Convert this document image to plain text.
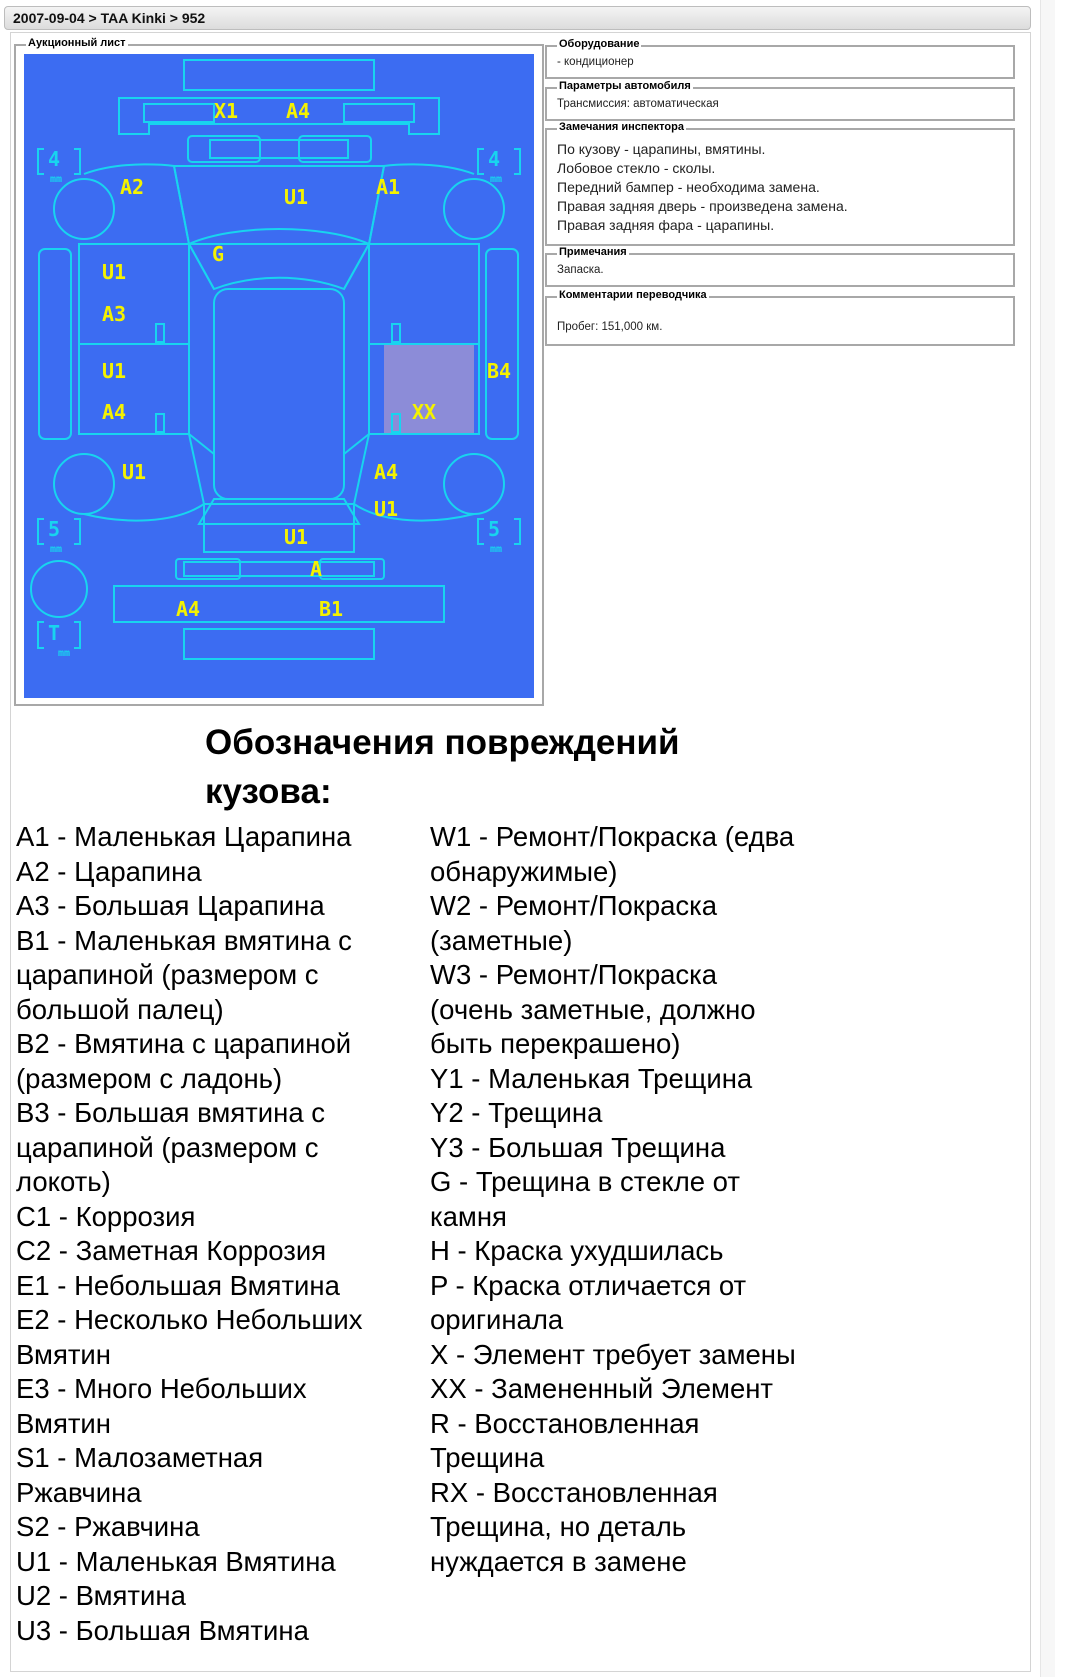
2007-09-04 > TAA Kinki > 952
Аукционный лист
X1 A4
U1
A2	A1
G
U1
A3
U1
A4
B4
XX
U1	A4
U1
U1
A
A4	B1
4	4
5	5
T
mm	mm
mm	mm
mm
Оборудование
- кондиционер
Параметры автомобиля
Трансмиссия: автоматическая
Замечания инспектора
По кузову - царапины, вмятины.
Лобовое стекло - сколы.
Передний бампер - необходима замена.
Правая задняя дверь - произведена замена.
Правая задняя фара - царапины.
Примечания
Запаска.
Комментарии переводчика
Пробег: 151,000 км.
Обозначения повреждений кузова:
A1 - Маленькая Царапина
A2 - Царапина
A3 - Большая Царапина
B1 - Маленькая вмятина с
царапиной (размером с
большой палец)
B2 - Вмятина с царапиной
(размером с ладонь)
B3 - Большая вмятина с
царапиной (размером с
локоть)
C1 - Коррозия
C2 - Заметная Коррозия
E1 - Небольшая Вмятина
E2 - Несколько Небольших
Вмятин
E3 - Много Небольших
Вмятин
S1 - Малозаметная
Ржавчина
S2 - Ржавчина
U1 - Маленькая Вмятина
U2 - Вмятина
U3 - Большая Вмятина
W1 - Ремонт/Покраска (едва
обнаружимые)
W2 - Ремонт/Покраска
(заметные)
W3 - Ремонт/Покраска
(очень заметные, должно
быть перекрашено)
Y1 - Маленькая Трещина
Y2 - Трещина
Y3 - Большая Трещина
G - Трещина в стекле от
камня
H - Краска ухудшилась
P - Краска отличается от
оригинала
X - Элемент требует замены
XX - Замененный Элемент
R - Восстановленная
Трещина
RX - Восстановленная
Трещина, но деталь
нуждается в замене
